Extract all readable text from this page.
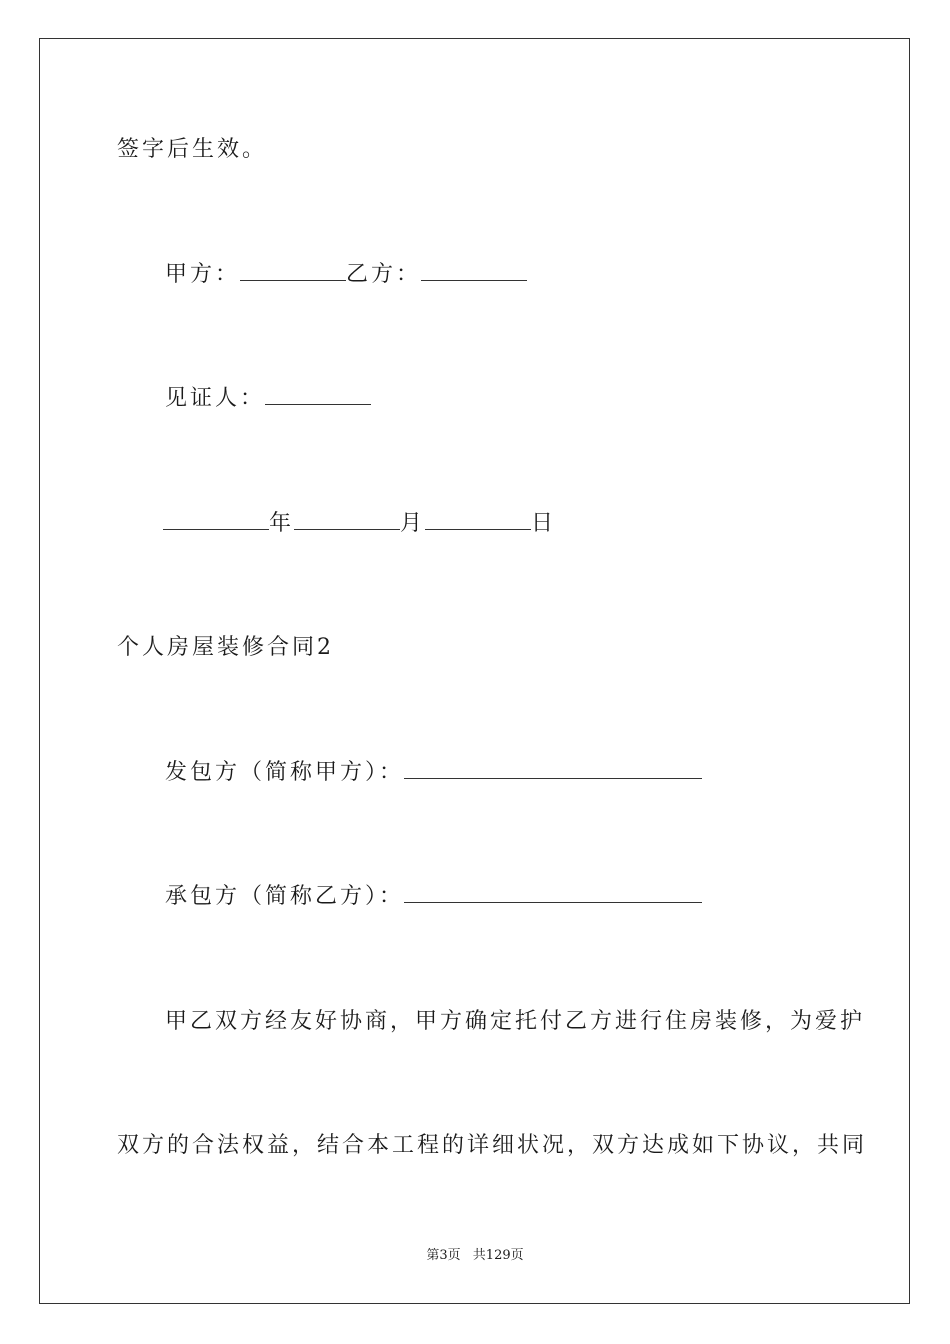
签字后生效。
甲方：	乙方：
见证人：
年	月	日
个人房屋装修合同2
发包方（简称甲方）：
承包方（简称乙方）：
甲乙双方经友好协商，甲方确定托付乙方进行住房装修，为爱护
双方的合法权益，结合本工程的详细状况，双方达成如下协议，共同
第3页 共129页
